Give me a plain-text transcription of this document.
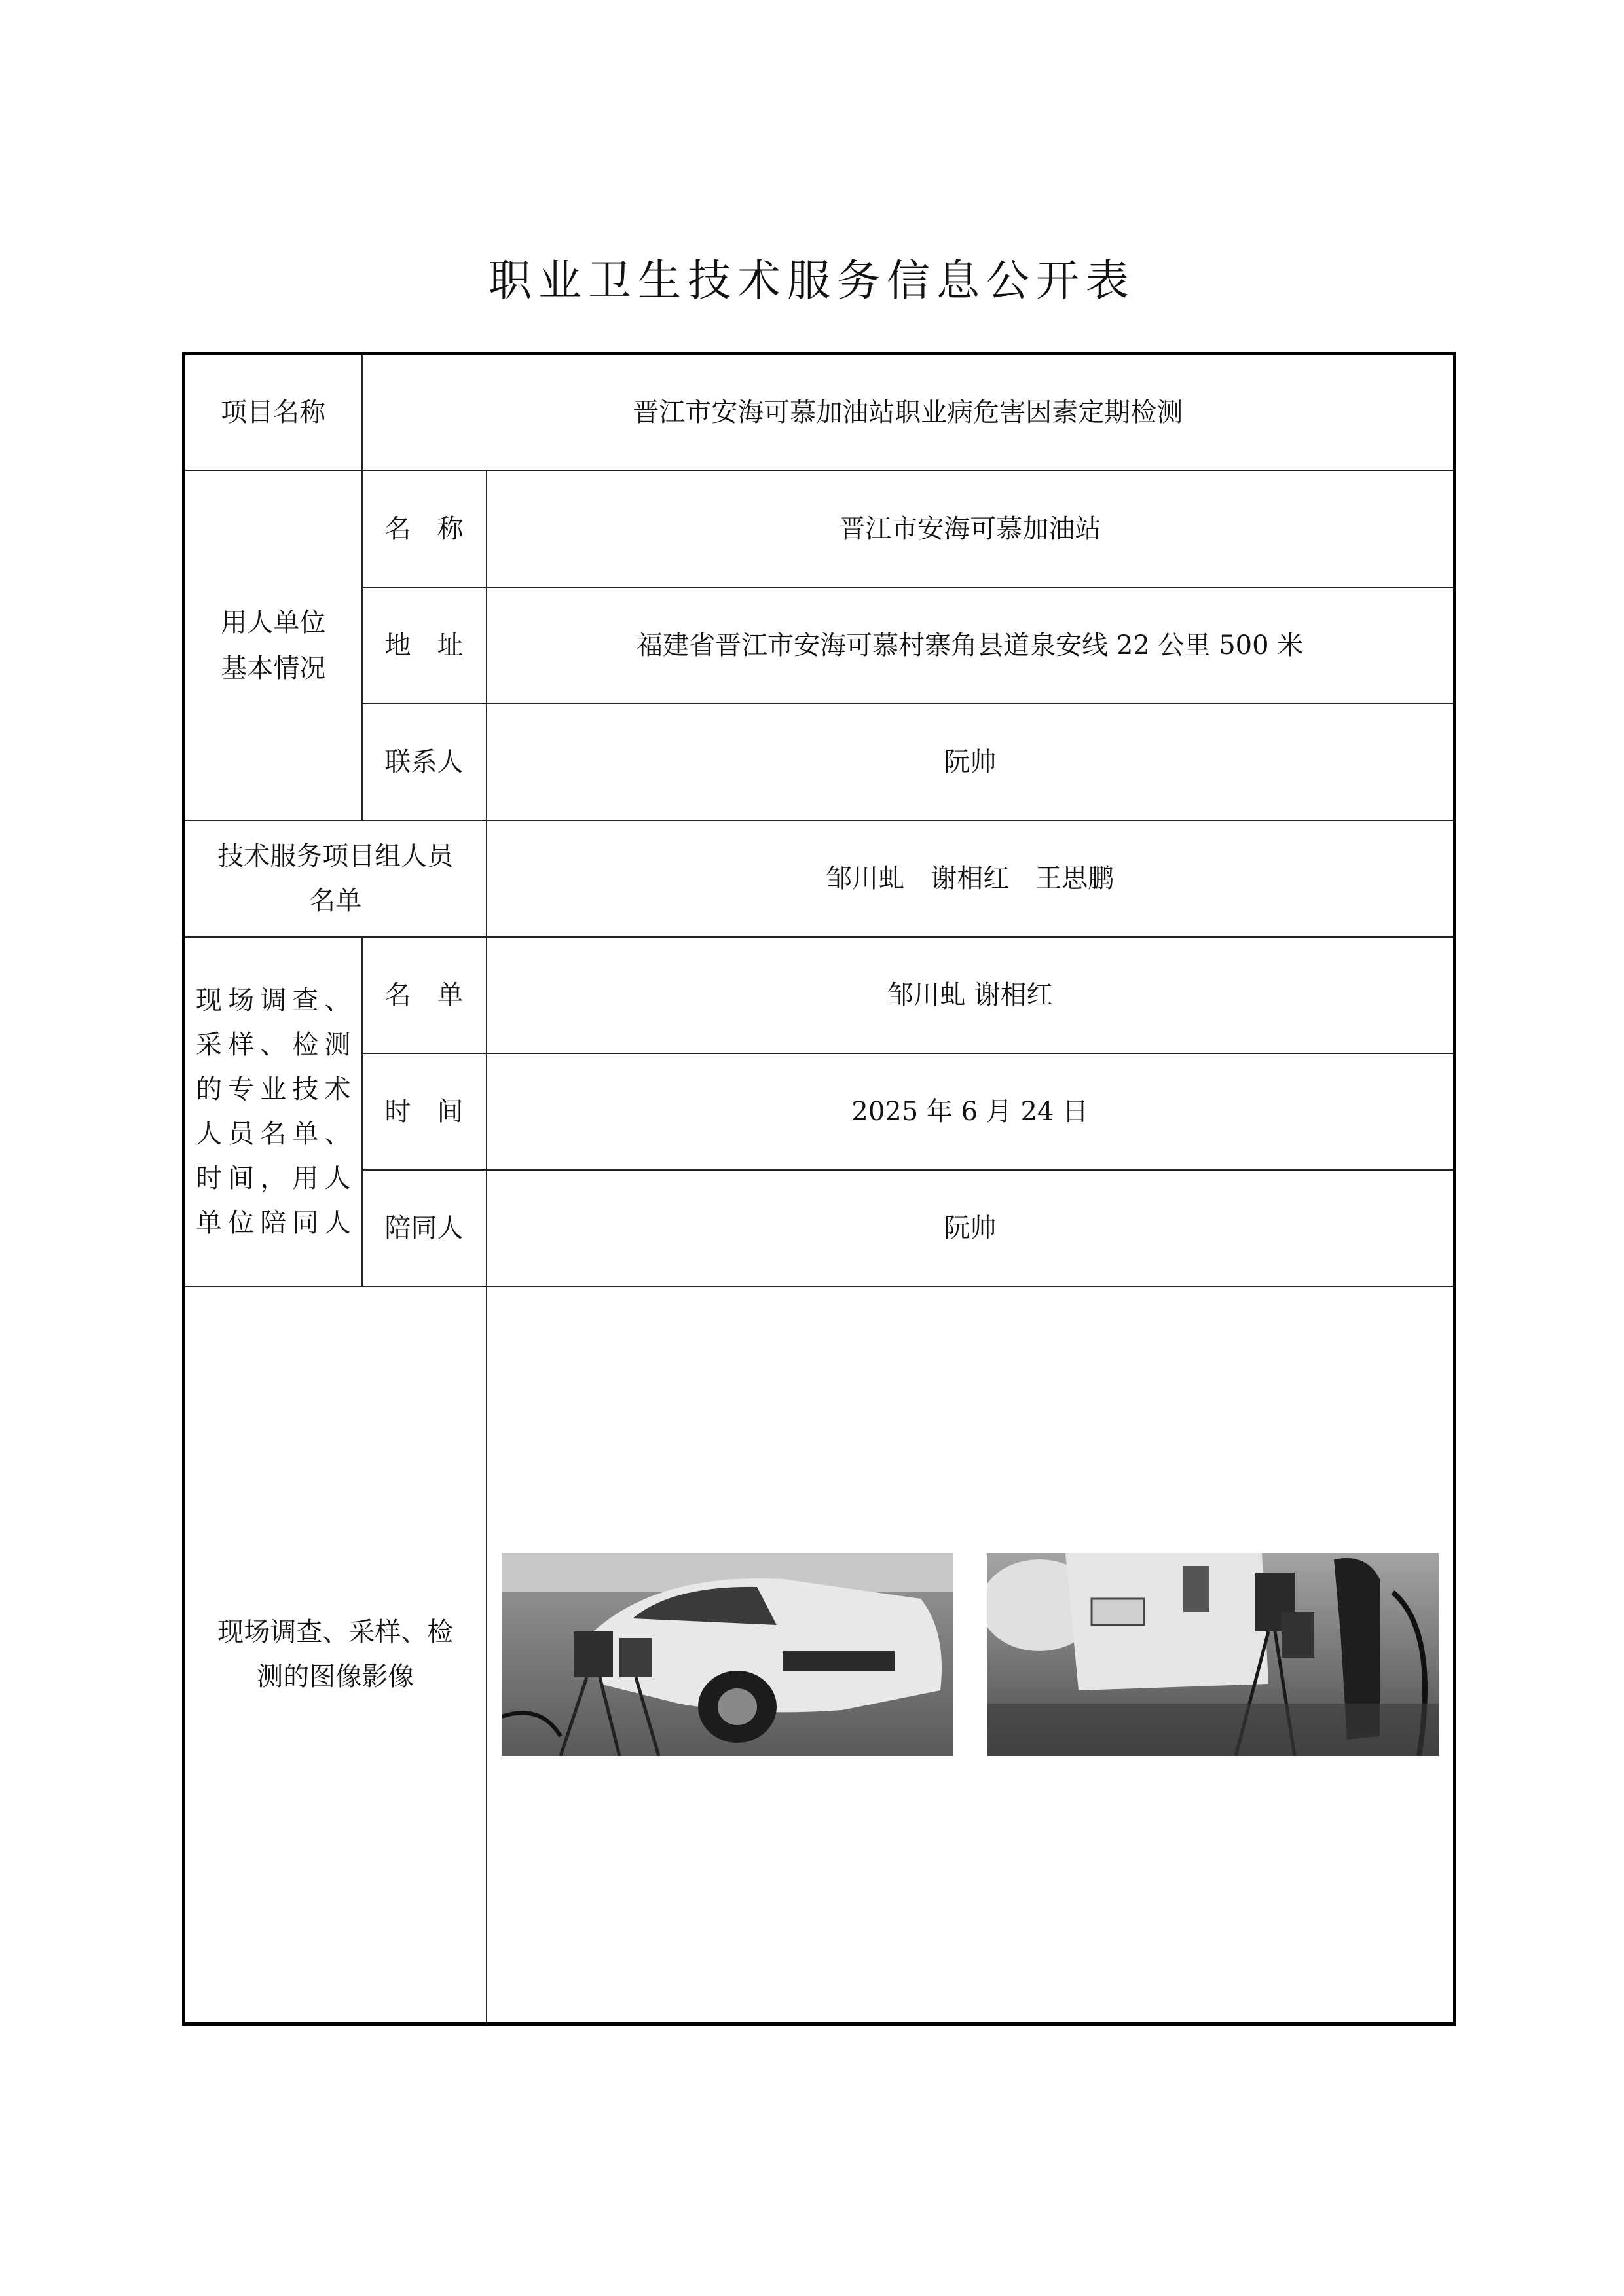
职业卫生技术服务信息公开表
项目名称	晋江市安海可慕加油站职业病危害因素定期检测	
用人单位
基本情况	名　称	晋江市安海可慕加油站
	地　址	福建省晋江市安海可慕村寨角县道泉安线 22 公里 500 米
	联系人	阮帅
技术服务项目组人员名单		邹川虬　谢相红　王思鹏
现场调查、采样、检测的专业技术人员名单、时间，用人单位陪同人	名　单	邹川虬 谢相红
	时　间	2025 年 6 月 24 日
	陪同人	阮帅
现场调查、采样、检测的图像影像	
